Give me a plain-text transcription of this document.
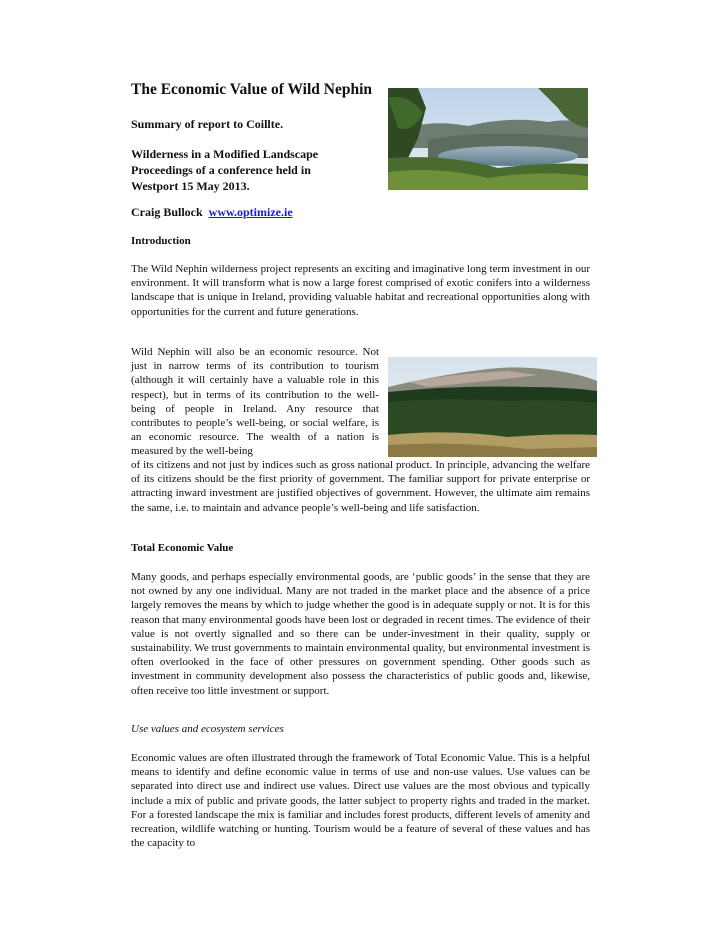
The Economic Value of Wild Nephin
Summary of report to Coillte.
Wilderness in a Modified Landscape
Proceedings of a conference held in
Westport 15 May 2013.
Craig Bullock www.optimize.ie
Introduction
The Wild Nephin wilderness project represents an exciting and imaginative long term investment in our environment. It will transform what is now a large forest comprised of exotic conifers into a wilderness landscape that is unique in Ireland, providing valuable habitat and recreational opportunities along with opportunities for the current and future generations.
Wild Nephin will also be an economic resource. Not just in narrow terms of its contribution to tourism (although it will certainly have a valuable role in this respect), but in terms of its contribution to the well-being of people in Ireland. Any resource that contributes to people’s well-being, or social welfare, is an economic resource. The wealth of a nation is measured by the well-being
of its citizens and not just by indices such as gross national product. In principle, advancing the welfare of its citizens should be the first priority of government. The familiar support for private enterprise or attracting inward investment are justified objectives of government. However, the ultimate aim remains the same, i.e. to maintain and advance people’s well-being and life satisfaction.
Total Economic Value
Many goods, and perhaps especially environmental goods, are ‘public goods’ in the sense that they are not owned by any one individual. Many are not traded in the market place and the absence of a price largely removes the means by which to judge whether the good is in adequate supply or not. It is for this reason that many environmental goods have been lost or degraded in recent times. The evidence of their value is not overtly signalled and so there can be under-investment in their quality, supply or sustainability. We trust governments to maintain environmental quality, but environmental investment is often overlooked in the face of other pressures on government spending. Other goods such as investment in community development also possess the characteristics of public goods and, likewise, often receive too little investment or support.
Use values and ecosystem services
Economic values are often illustrated through the framework of Total Economic Value. This is a helpful means to identify and define economic value in terms of use and non-use values. Use values can be separated into direct use and indirect use values. Direct use values are the most obvious and typically include a mix of public and private goods, the latter subject to property rights and traded in the market. For a forested landscape the mix is familiar and includes forest products, different levels of amenity and recreation, wildlife watching or hunting. Tourism would be a feature of several of these values and has the capacity to
